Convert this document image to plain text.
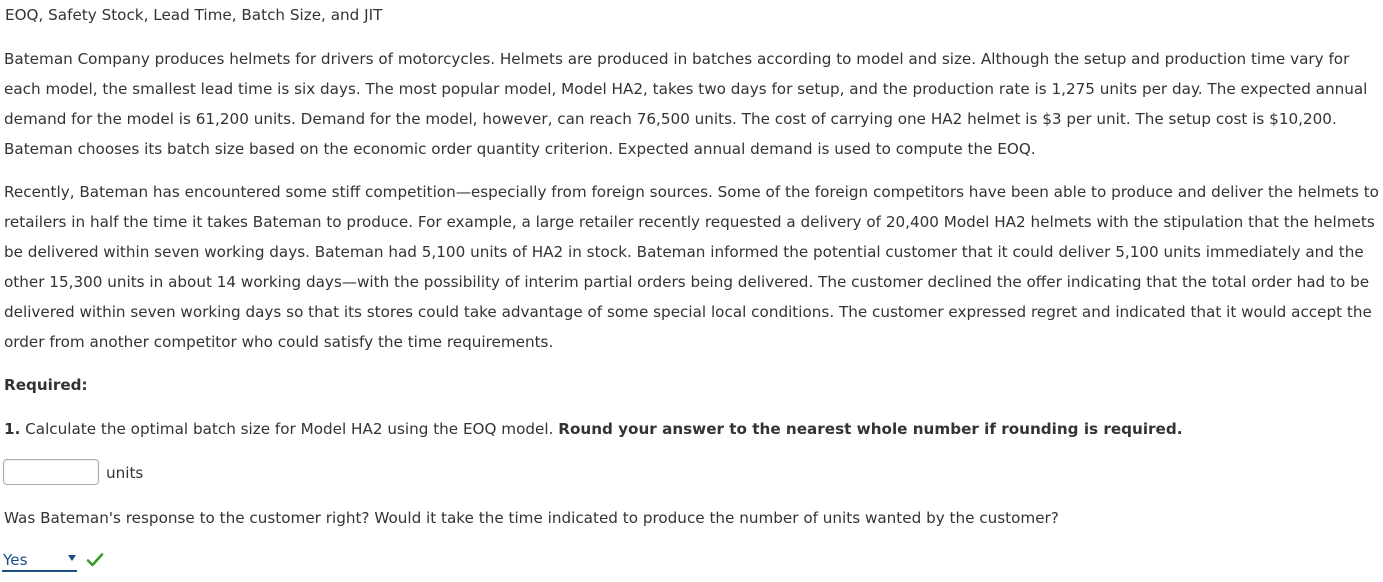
EOQ, Safety Stock, Lead Time, Batch Size, and JIT

Bateman Company produces helmets for drivers of motorcycles. Helmets are produced in batches according to model and size. Although the setup and production time vary for each model, the smallest lead time is six days. The most popular model, Model HA2, takes two days for setup, and the production rate is 1,275 units per day. The expected annual demand for the model is 61,200 units. Demand for the model, however, can reach 76,500 units. The cost of carrying one HA2 helmet is $3 per unit. The setup cost is $10,200. Bateman chooses its batch size based on the economic order quantity criterion. Expected annual demand is used to compute the EOQ.

Recently, Bateman has encountered some stiff competition—especially from foreign sources. Some of the foreign competitors have been able to produce and deliver the helmets to retailers in half the time it takes Bateman to produce. For example, a large retailer recently requested a delivery of 20,400 Model HA2 helmets with the stipulation that the helmets be delivered within seven working days. Bateman had 5,100 units of HA2 in stock. Bateman informed the potential customer that it could deliver 5,100 units immediately and the other 15,300 units in about 14 working days—with the possibility of interim partial orders being delivered. The customer declined the offer indicating that the total order had to be delivered within seven working days so that its stores could take advantage of some special local conditions. The customer expressed regret and indicated that it would accept the order from another competitor who could satisfy the time requirements.

Required:
1. Calculate the optimal batch size for Model HA2 using the EOQ model. Round your answer to the nearest whole number if rounding is required.
units
Was Bateman's response to the customer right? Would it take the time indicated to produce the number of units wanted by the customer?
Yes
